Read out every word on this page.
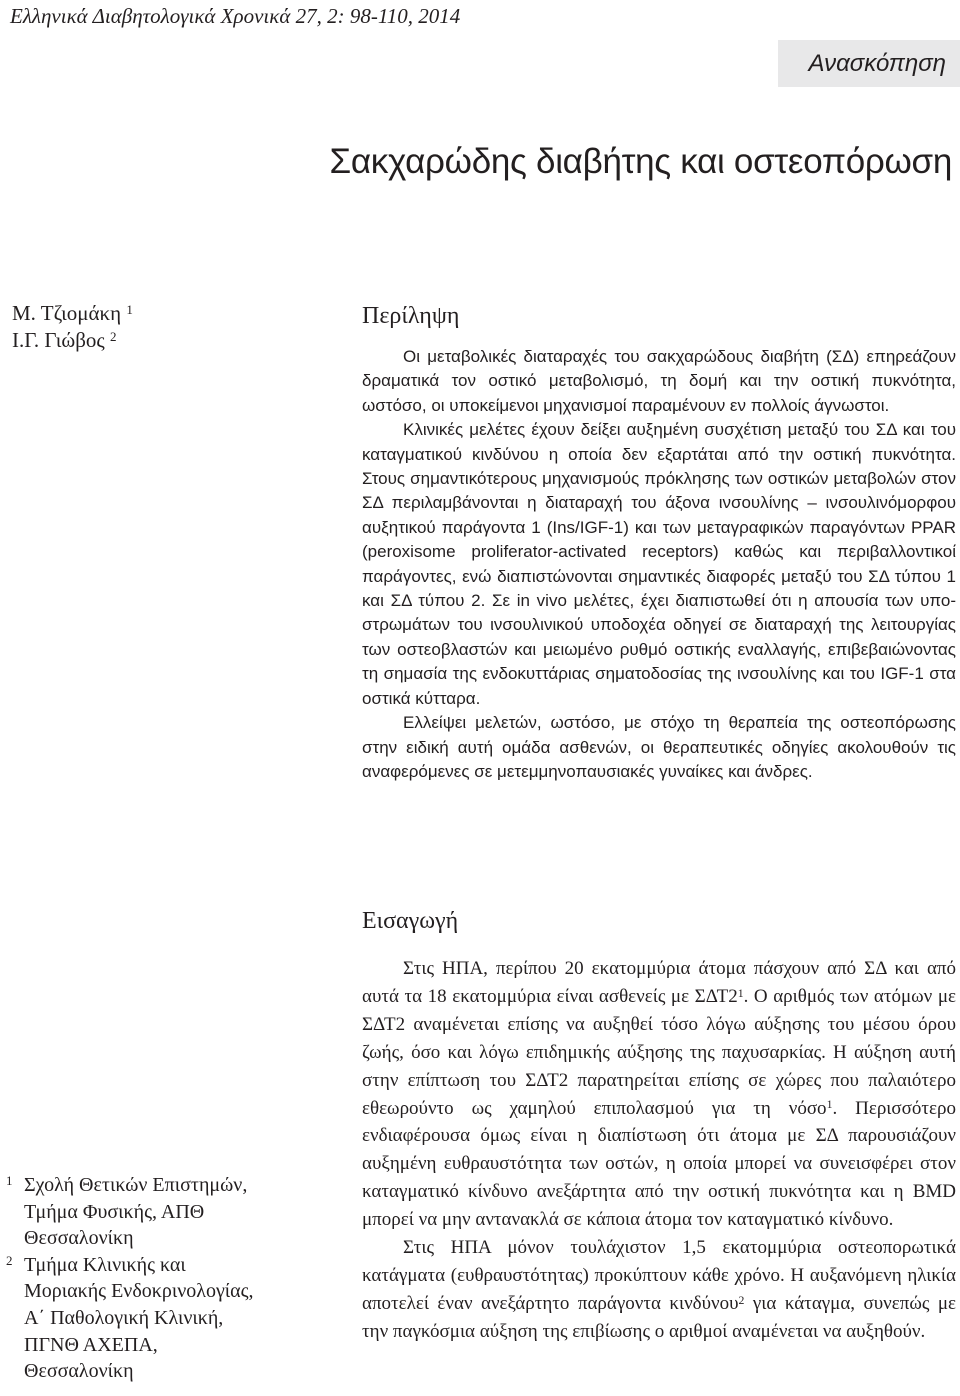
Ελληνικά Διαβητολογικά Χρονικά 27, 2: 98-110, 2014
Ανασκόπηση
Σακχαρώδης διαβήτης και οστεοπόρωση
Μ. Τζιομάκη $^1$
Ι.Γ. Γιώβος $^2$
Περίληψη

Οι μεταβολικές διαταραχές του σακχαρώδους διαβήτη (ΣΔ) επηρεάζουν δραματικά τον οστικό μεταβολισμό, τη δομή και την οστική πυκνότητα, ωστόσο, οι υποκείμενοι μηχανισμοί παραμένουν εν πολλοίς άγνωστοι.

Κλινικές μελέτες έχουν δείξει αυξημένη συσχέτιση μεταξύ του ΣΔ και του καταγματικού κινδύνου η οποία δεν εξαρτάται από την οστική πυκνότητα. Στους σημαντικότερους μηχανισμούς πρόκλησης των οστικών μεταβολών στον ΣΔ περιλαμβάνονται η διαταραχή του άξονα ινσουλίνης – ινσουλινόμορφου αυξητικού παράγοντα 1 (Ins/IGF-1) και των μεταγραφικών παραγόντων PPAR (peroxisome proliferator-activated receptors) καθώς και περιβαλλοντικοί παράγοντες, ενώ διαπιστώνονται σημαντικές διαφορές μεταξύ του ΣΔ τύπου 1 και ΣΔ τύπου 2. Σε in vivo μελέτες, έχει διαπιστωθεί ότι η απουσία των υποστρωμάτων του ινσουλινικού υποδοχέα οδηγεί σε διαταραχή της λειτουργίας των οστεοβλαστών και μειωμένο ρυθμό οστικής εναλλαγής, επιβεβαιώνοντας τη σημασία της ενδοκυττάριας σηματοδοσίας της ινσουλίνης και του IGF-1 στα οστικά κύτταρα.

Ελλείψει μελετών, ωστόσο, με στόχο τη θεραπεία της οστεοπόρωσης στην ειδική αυτή ομάδα ασθενών, οι θεραπευτικές οδηγίες ακολουθούν τις αναφερόμενες σε μετεμμηνοπαυσιακές γυναίκες και άνδρες.

Εισαγωγή

Στις ΗΠΑ, περίπου 20 εκατομμύρια άτομα πάσχουν από ΣΔ και από αυτά τα 18 εκατομμύρια είναι ασθενείς με $\Sigma\Delta T2^1$. Ο αριθμός των ατόμων με ΣΔΤ2 αναμένεται επίσης να αυξηθεί τόσο λόγω αύξησης του μέσου όρου ζωής, όσο και λόγω επιδημικής αύξησης της παχυσαρκίας. Η αύξηση αυτή στην επίπτωση του ΣΔΤ2 παρατηρείται επίσης σε χώρες που παλαιότερο εθεωρούντο ως χαμηλού επιπολασμού για τη νόσο$^1$. Περισσότερο ενδιαφέρουσα όμως είναι η διαπίστωση ότι άτομα με ΣΔ παρουσιάζουν αυξημένη ευθραυστότητα των οστών, η οποία μπορεί να συνεισφέρει στον καταγματικό κίνδυνο ανεξάρτητα από την οστική πυκνότητα και η BMD μπορεί να μην αντανακλά σε κάποια άτομα τον καταγματικό κίνδυνο.

Στις ΗΠΑ μόνον τουλάχιστον 1,5 εκατομμύρια οστεοπορωτικά κατάγματα (ευθραυστότητας) προκύπτουν κάθε χρόνο. Η αυξανόμενη ηλικία αποτελεί έναν ανεξάρτητο παράγοντα κινδύνου$^2$ για κάταγμα, συνεπώς με την παγκόσμια αύξηση της επιβίωσης ο αριθμοί αναμένεται να αυξηθούν.

1 Σχολή Θετικών Επιστημών,
Τμήμα Φυσικής, ΑΠΘ
Θεσσαλονίκη
2 Τμήμα Κλινικής και
Μοριακής Ενδοκρινολογίας,
Α΄ Παθολογική Κλινική,
ΠΓΝΘ ΑΧΕΠΑ,
Θεσσαλονίκη
